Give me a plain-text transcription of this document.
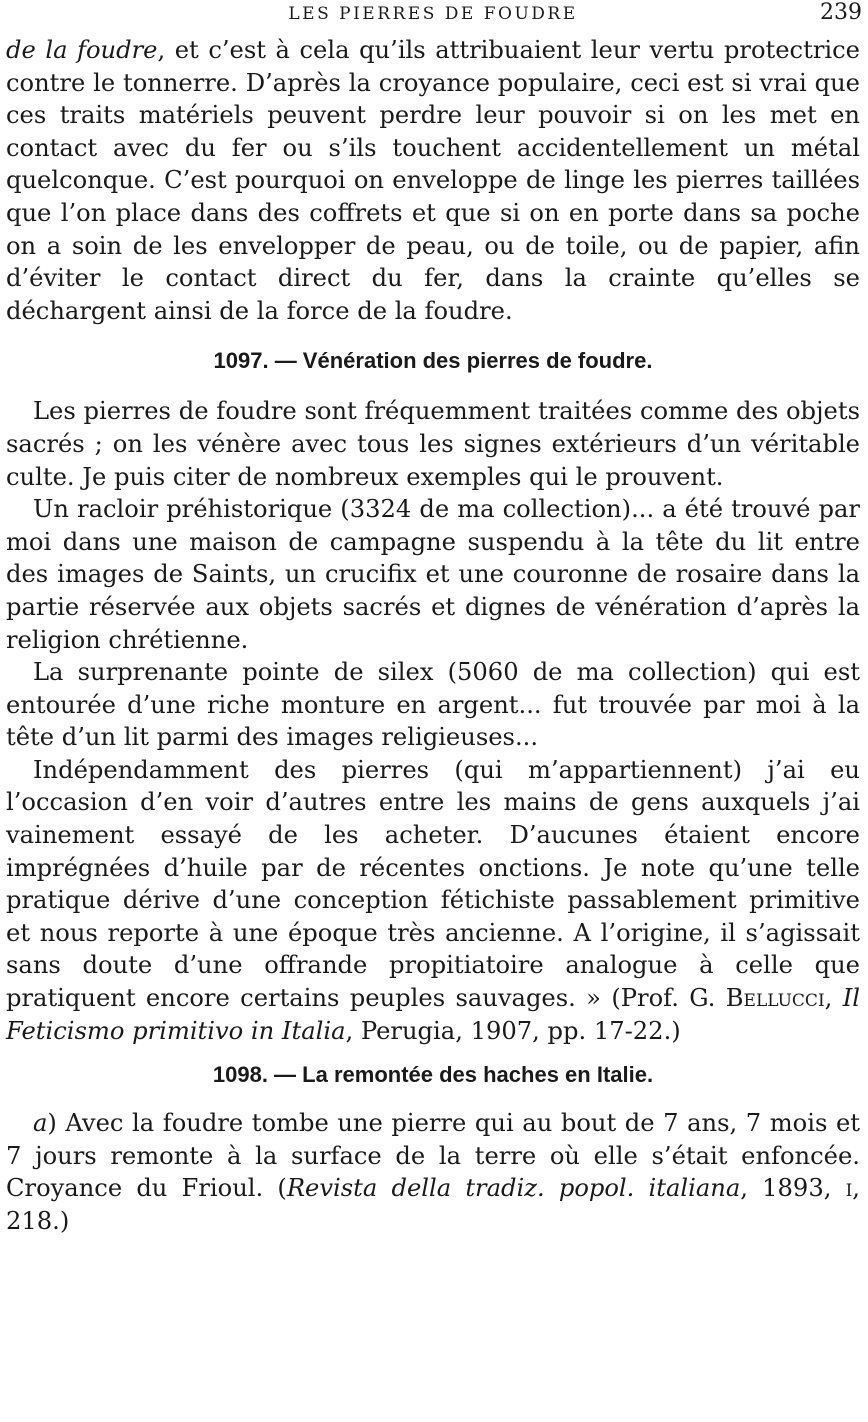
LES PIERRES DE FOUDRE	239

de la foudre, et c’est à cela qu’ils attribuaient leur vertu protectrice contre le tonnerre. D’après la croyance populaire, ceci est si vrai que ces traits matériels peuvent perdre leur pouvoir si on les met en contact avec du fer ou s’ils touchent accidentellement un métal quelconque. C’est pourquoi on enveloppe de linge les pierres taillées que l’on place dans des coffrets et que si on en porte dans sa poche on a soin de les envelopper de peau, ou de toile, ou de papier, afin d’éviter le contact direct du fer, dans la crainte qu’elles se déchargent ainsi de la force de la foudre.

1097. — Vénération des pierres de foudre.

Les pierres de foudre sont fréquemment traitées comme des objets sacrés ; on les vénère avec tous les signes extérieurs d’un véritable culte. Je puis citer de nombreux exemples qui le prouvent.

Un racloir préhistorique (3324 de ma collection)... a été trouvé par moi dans une maison de campagne suspendu à la tête du lit entre des images de Saints, un crucifix et une couronne de rosaire dans la partie réservée aux objets sacrés et dignes de vénération d’après la religion chrétienne.

La surprenante pointe de silex (5060 de ma collection) qui est entourée d’une riche monture en argent... fut trouvée par moi à la tête d’un lit parmi des images religieuses...

Indépendamment des pierres (qui m’appartiennent) j’ai eu l’occasion d’en voir d’autres entre les mains de gens auxquels j’ai vainement essayé de les acheter. D’aucunes étaient encore imprégnées d’huile par de récentes onctions. Je note qu’une telle pratique dérive d’une conception fétichiste passablement primitive et nous reporte à une époque très ancienne. A l’origine, il s’agissait sans doute d’une offrande propitiatoire analogue à celle que pratiquent encore certains peuples sauvages. » (Prof. G. Bellucci, Il Feticismo primitivo in Italia, Perugia, 1907, pp. 17-22.)

1098. — La remontée des haches en Italie.

a) Avec la foudre tombe une pierre qui au bout de 7 ans, 7 mois et 7 jours remonte à la surface de la terre où elle s’était enfoncée. Croyance du Frioul. (Revista della tradiz. popol. italiana, 1893, i, 218.)
